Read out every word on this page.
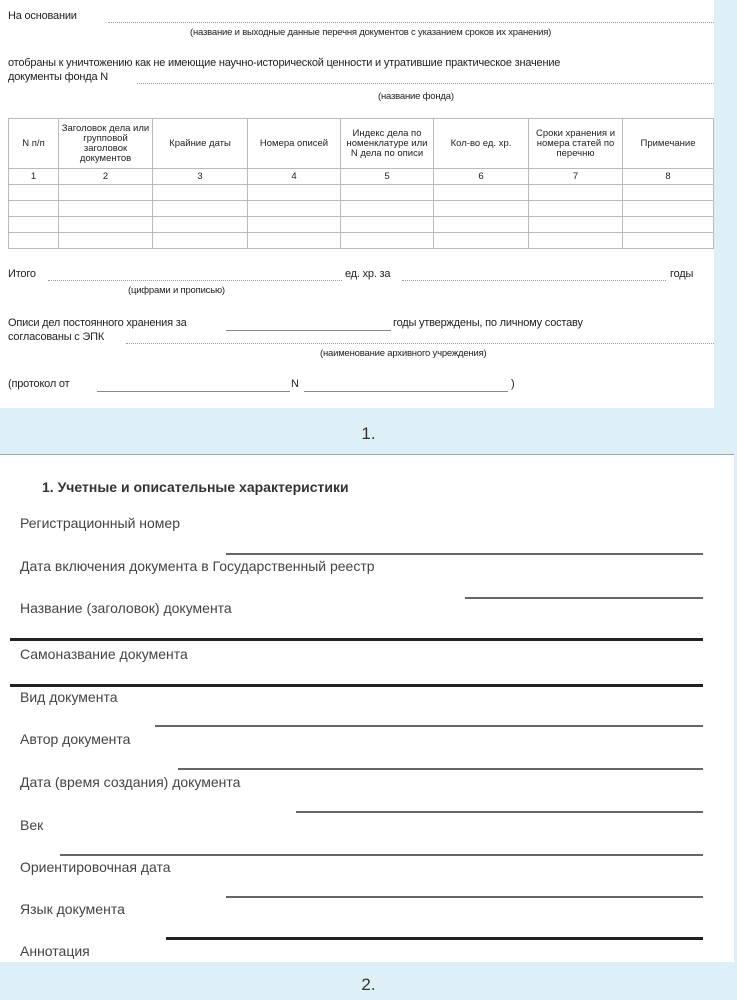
На основании
(название и выходные данные перечня документов с указанием сроков их хранения)
отобраны к уничтожению как не имеющие научно-исторической ценности и утратившие практическое значение
документы фонда N
(название фонда)
N п/п	Заголовок дела или групповой заголовок документов	Крайние даты	Номера описей	Индекс дела по номенклатуре или N дела по описи	Кол-во ед. хр.	Сроки хранения и номера статей по перечню	Примечание
1	2	3	4	5	6	7	8

Итого	ед. хр. за	годы
(цифрами и прописью)
Описи дел постоянного хранения за	годы утверждены, по личному составу
согласованы с ЭПК
(наименование архивного учреждения)
(протокол от	N	)
1.
1. Учетные и описательные характеристики
Регистрационный номер
Дата включения документа в Государственный реестр
Название (заголовок) документа
Самоназвание документа
Вид документа
Автор документа
Дата (время создания) документа
Век
Ориентировочная дата
Язык документа
Аннотация
2.
